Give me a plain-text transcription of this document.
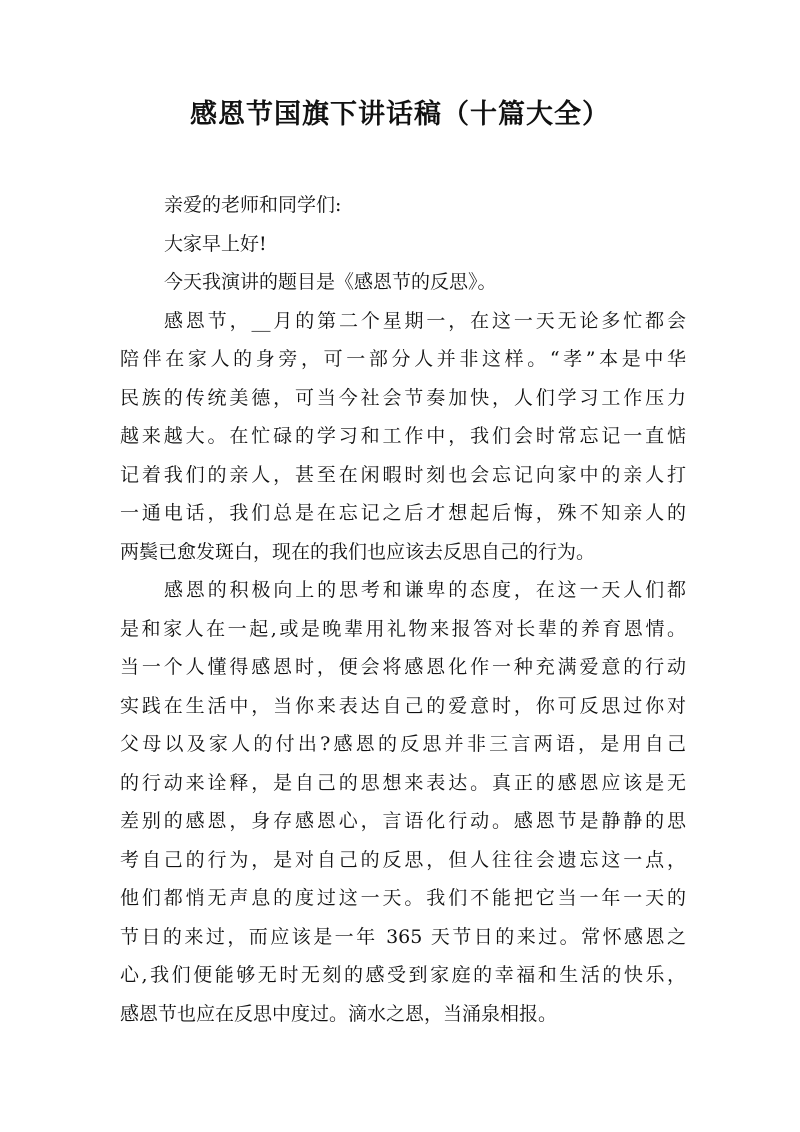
感恩节国旗下讲话稿（十篇大全）
亲爱的老师和同学们:
大家早上好!
今天我演讲的题目是《感恩节的反思》。
感恩节，__月的第二个星期一，在这一天无论多忙都会
陪伴在家人的身旁，可一部分人并非这样。“孝”本是中华
民族的传统美德，可当今社会节奏加快，人们学习工作压力
越来越大。在忙碌的学习和工作中，我们会时常忘记一直惦
记着我们的亲人，甚至在闲暇时刻也会忘记向家中的亲人打
一通电话，我们总是在忘记之后才想起后悔，殊不知亲人的
两鬓已愈发斑白，现在的我们也应该去反思自己的行为。
感恩的积极向上的思考和谦卑的态度，在这一天人们都
是和家人在一起,或是晚辈用礼物来报答对长辈的养育恩情。
当一个人懂得感恩时，便会将感恩化作一种充满爱意的行动
实践在生活中，当你来表达自己的爱意时，你可反思过你对
父母以及家人的付出?感恩的反思并非三言两语，是用自己
的行动来诠释，是自己的思想来表达。真正的感恩应该是无
差别的感恩，身存感恩心，言语化行动。感恩节是静静的思
考自己的行为，是对自己的反思，但人往往会遗忘这一点，
他们都悄无声息的度过这一天。我们不能把它当一年一天的
节日的来过，而应该是一年 365 天节日的来过。常怀感恩之
心,我们便能够无时无刻的感受到家庭的幸福和生活的快乐，
感恩节也应在反思中度过。滴水之恩，当涌泉相报。
